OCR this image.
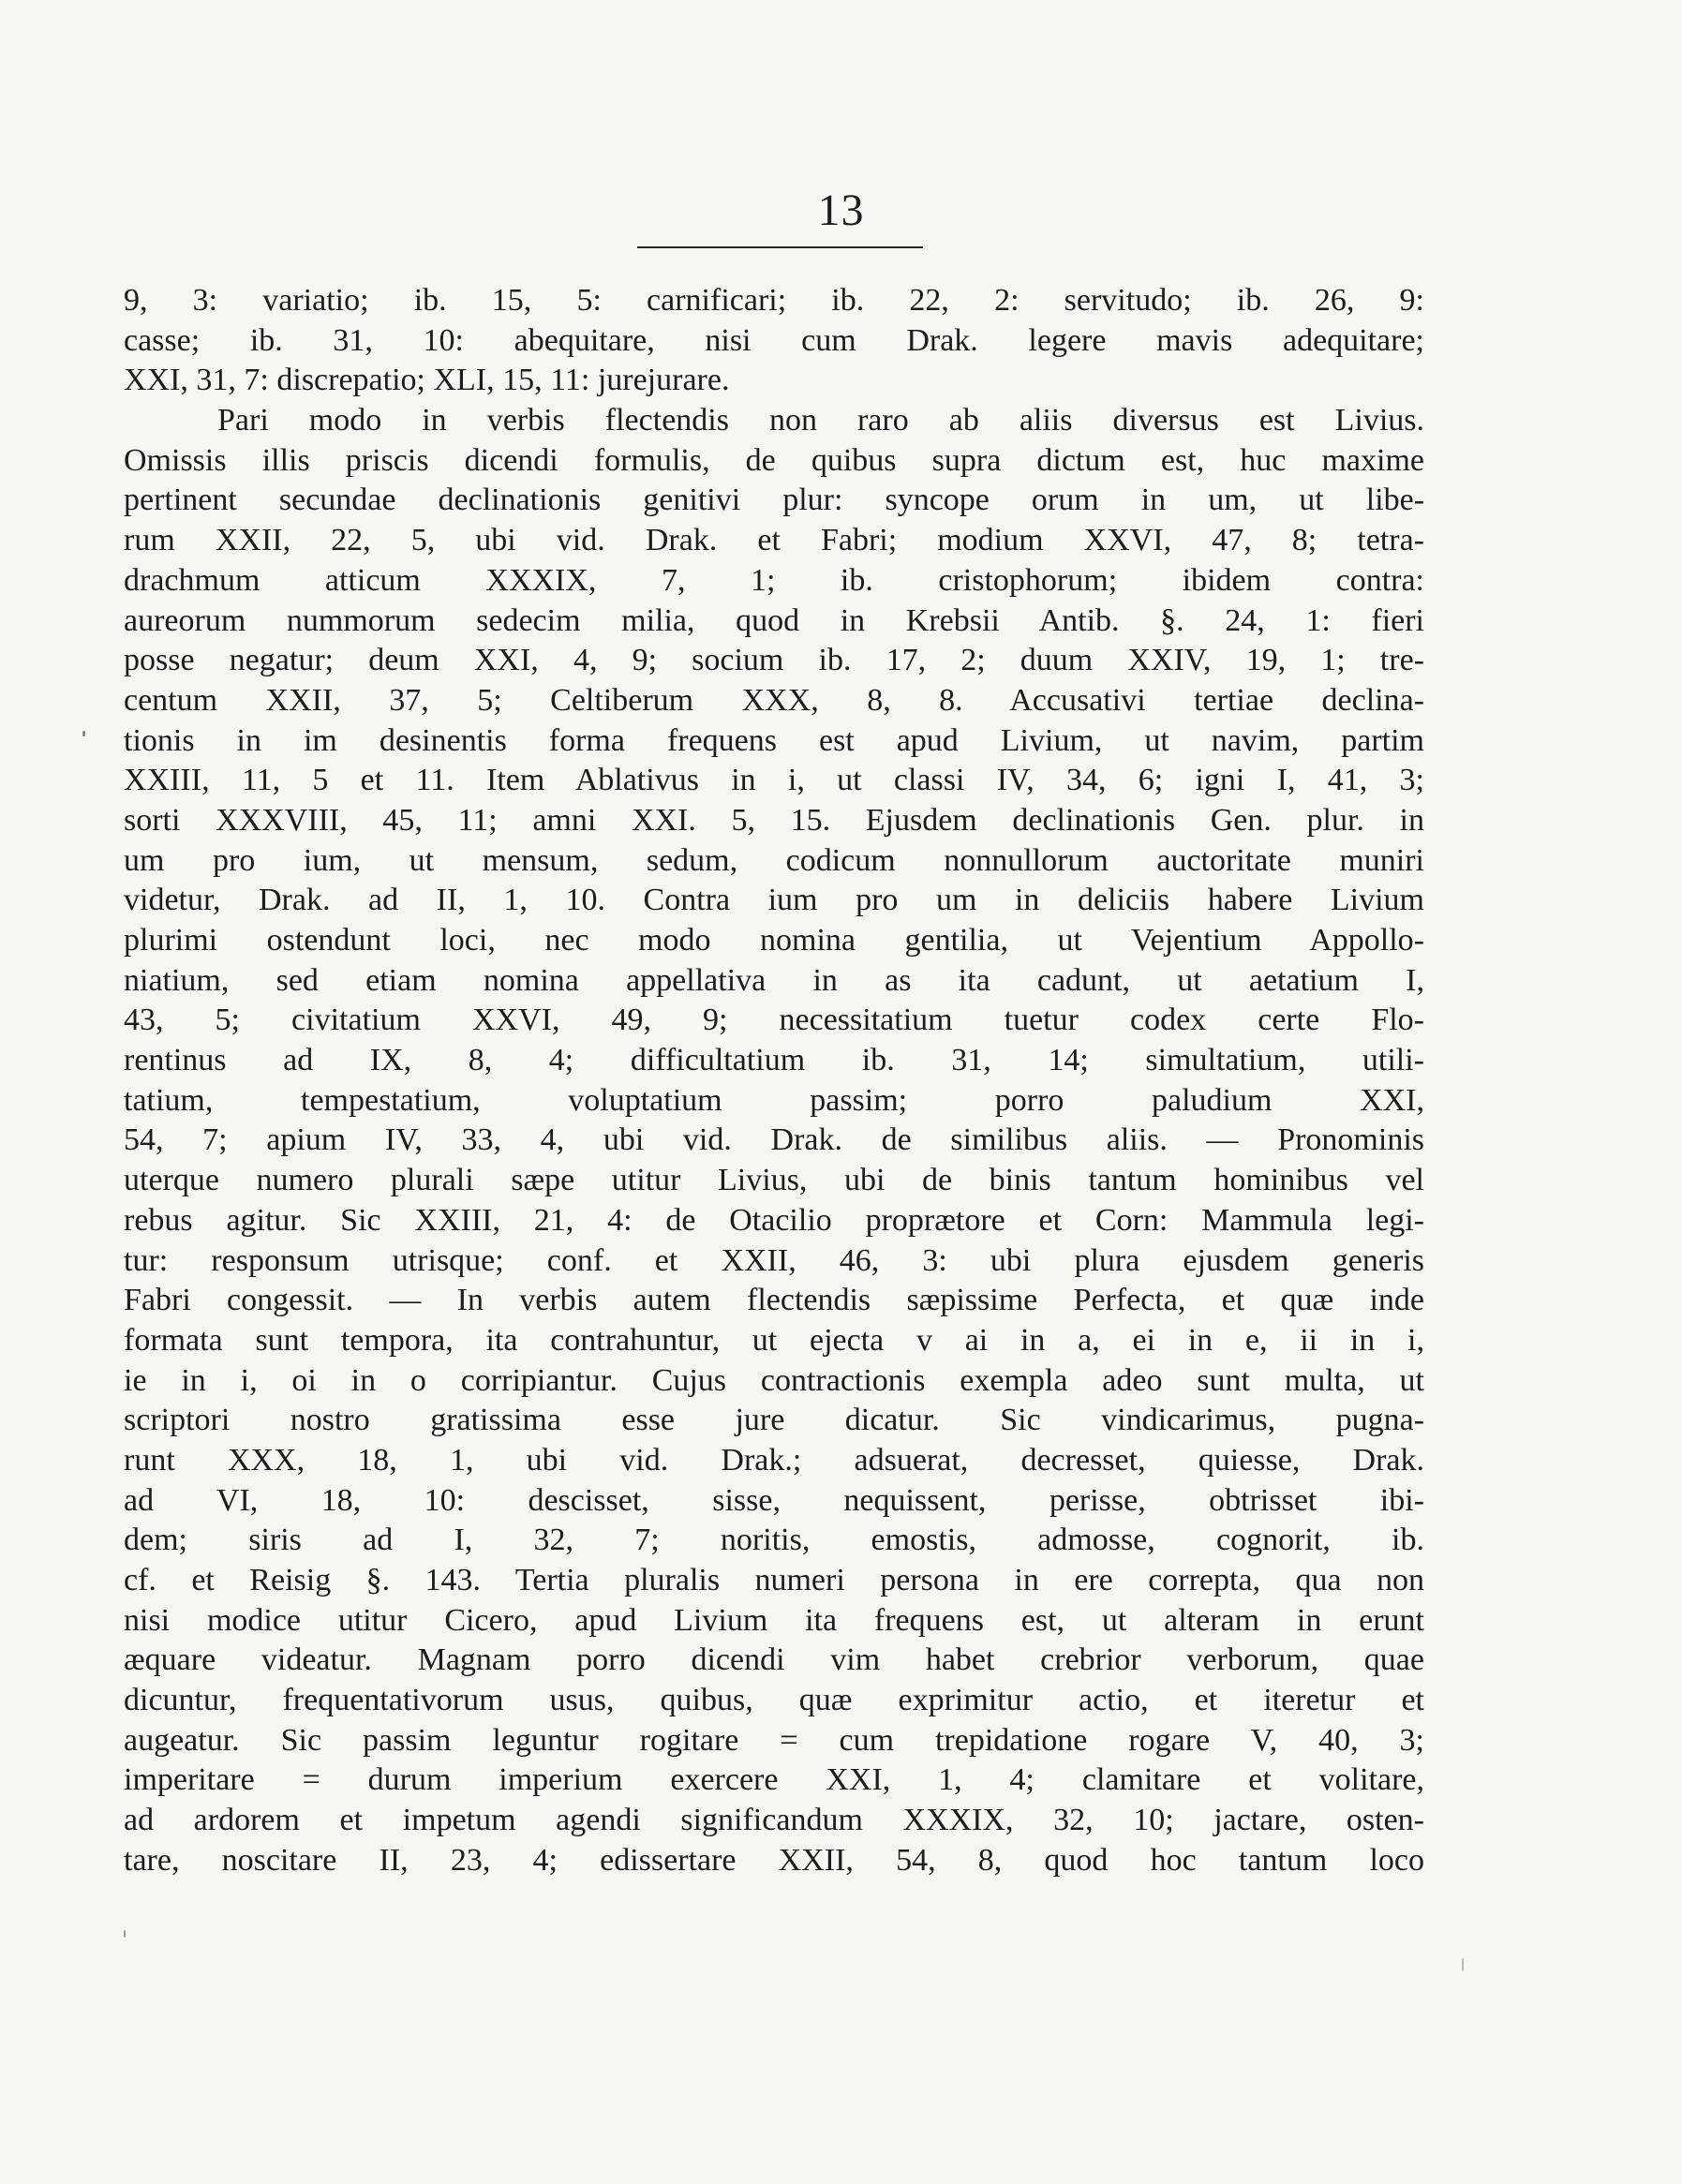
13
9, 3: variatio; ib. 15, 5: carnificari; ib. 22, 2: servitudo; ib. 26, 9:
casse; ib. 31, 10: abequitare, nisi cum Drak. legere mavis adequitare;
XXI, 31, 7: discrepatio; XLI, 15, 11: jurejurare.
Pari modo in verbis flectendis non raro ab aliis diversus est Livius.
Omissis illis priscis dicendi formulis, de quibus supra dictum est, huc maxime
pertinent secundae declinationis genitivi plur: syncope orum in um, ut libe-
rum XXII, 22, 5, ubi vid. Drak. et Fabri; modium XXVI, 47, 8; tetra-
drachmum atticum XXXIX, 7, 1; ib. cristophorum; ibidem contra:
aureorum nummorum sedecim milia, quod in Krebsii Antib. §. 24, 1: fieri
posse negatur; deum XXI, 4, 9; socium ib. 17, 2; duum XXIV, 19, 1; tre-
centum XXII, 37, 5; Celtiberum XXX, 8, 8. Accusativi tertiae declina-
tionis in im desinentis forma frequens est apud Livium, ut navim, partim
XXIII, 11, 5 et 11. Item Ablativus in i, ut classi IV, 34, 6; igni I, 41, 3;
sorti XXXVIII, 45, 11; amni XXI. 5, 15. Ejusdem declinationis Gen. plur. in
um pro ium, ut mensum, sedum, codicum nonnullorum auctoritate muniri
videtur, Drak. ad II, 1, 10. Contra ium pro um in deliciis habere Livium
plurimi ostendunt loci, nec modo nomina gentilia, ut Vejentium Appollo-
niatium, sed etiam nomina appellativa in as ita cadunt, ut aetatium I,
43, 5; civitatium XXVI, 49, 9; necessitatium tuetur codex certe Flo-
rentinus ad IX, 8, 4; difficultatium ib. 31, 14; simultatium, utili-
tatium, tempestatium, voluptatium passim; porro paludium XXI,
54, 7; apium IV, 33, 4, ubi vid. Drak. de similibus aliis. — Pronominis
uterque numero plurali sæpe utitur Livius, ubi de binis tantum hominibus vel
rebus agitur. Sic XXIII, 21, 4: de Otacilio proprætore et Corn: Mammula legi-
tur: responsum utrisque; conf. et XXII, 46, 3: ubi plura ejusdem generis
Fabri congessit. — In verbis autem flectendis sæpissime Perfecta, et quæ inde
formata sunt tempora, ita contrahuntur, ut ejecta v ai in a, ei in e, ii in i,
ie in i, oi in o corripiantur. Cujus contractionis exempla adeo sunt multa, ut
scriptori nostro gratissima esse jure dicatur. Sic vindicarimus, pugna-
runt XXX, 18, 1, ubi vid. Drak.; adsuerat, decresset, quiesse, Drak.
ad VI, 18, 10: descisset, sisse, nequissent, perisse, obtrisset ibi-
dem; siris ad I, 32, 7; noritis, emostis, admosse, cognorit, ib.
cf. et Reisig §. 143. Tertia pluralis numeri persona in ere correpta, qua non
nisi modice utitur Cicero, apud Livium ita frequens est, ut alteram in erunt
æquare videatur. Magnam porro dicendi vim habet crebrior verborum, quae
dicuntur, frequentativorum usus, quibus, quæ exprimitur actio, et iteretur et
augeatur. Sic passim leguntur rogitare = cum trepidatione rogare V, 40, 3;
imperitare = durum imperium exercere XXI, 1, 4; clamitare et volitare,
ad ardorem et impetum agendi significandum XXXIX, 32, 10; jactare, osten-
tare, noscitare II, 23, 4; edissertare XXII, 54, 8, quod hoc tantum loco
